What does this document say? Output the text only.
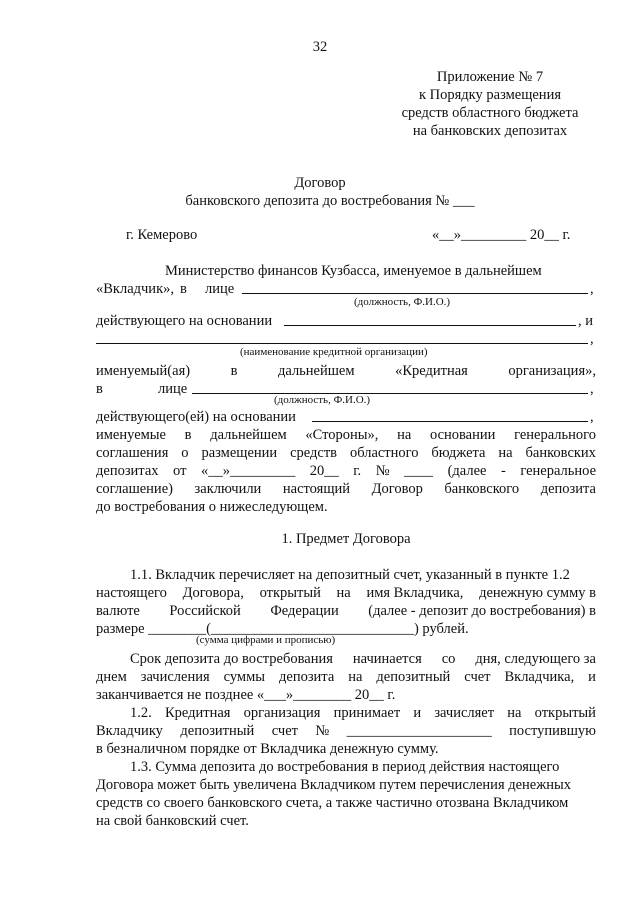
32
Приложение № 7
к Порядку размещения
средств областного бюджета
на банковских депозитах
Договор
банковского депозита до востребования № ___
г. Кемерово	«__»_________ 20__ г.
Министерство финансов Кузбасса, именуемое в дальнейшем
«Вкладчик», в лице	,
(должность, Ф.И.О.)
действующего на основании	, и
,
(наименование кредитной организации)
именуемый(ая)	в	дальнейшем	«Кредитная	организация»,
в	лице	,
(должность, Ф.И.О.)
действующего(ей) на основании	,
именуемые в дальнейшем «Стороны», на основании генерального
соглашения о размещении средств областного бюджета на банковских
депозитах от «__»_________ 20__ г. № ____ (далее - генеральное
соглашение) заключили настоящий Договор банковского депозита
до востребования о нижеследующем.
1. Предмет Договора
1.1. Вкладчик перечисляет на депозитный счет, указанный в пункте 1.2
настоящего Договора, открытый на имя Вкладчика, денежную сумму в
валюте Российской Федерации (далее - депозит до востребования) в
размере ________(____________________________) рублей.
(сумма цифрами и прописью)
Срок депозита до востребования начинается со дня, следующего за
днем зачисления суммы депозита на депозитный счет Вкладчика, и
заканчивается не позднее «___»________ 20__ г.
1.2. Кредитная организация принимает и зачисляет на открытый
Вкладчику депозитный счет № ____________________ поступившую
в безналичном порядке от Вкладчика денежную сумму.
1.3. Сумма депозита до востребования в период действия настоящего
Договора может быть увеличена Вкладчиком путем перечисления денежных
средств со своего банковского счета, а также частично отозвана Вкладчиком
на свой банковский счет.
